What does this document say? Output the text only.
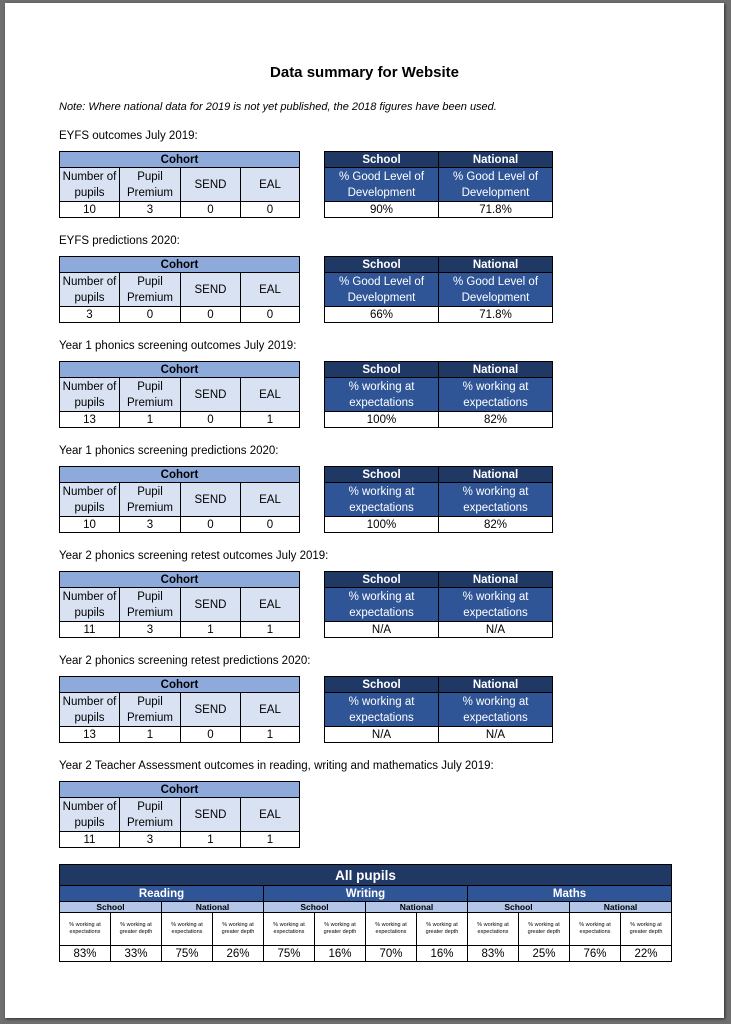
Data summary for Website
Note: Where national data for 2019 is not yet published, the 2018 figures have been used.
EYFS outcomes July 2019:
Cohort			
Number of pupils	Pupil Premium	SEND	EAL
10	3	0	0
School	National
% Good Level of Development	% Good Level of Development
90%	71.8%
EYFS predictions 2020:
Cohort			
Number of pupils	Pupil Premium	SEND	EAL
3	0	0	0
School	National
% Good Level of Development	% Good Level of Development
66%	71.8%
Year 1 phonics screening outcomes July 2019:
Cohort			
Number of pupils	Pupil Premium	SEND	EAL
13	1	0	1
School	National
% working at expectations	% working at expectations
100%	82%
Year 1 phonics screening predictions 2020:
Cohort			
Number of pupils	Pupil Premium	SEND	EAL
10	3	0	0
School	National
% working at expectations	% working at expectations
100%	82%
Year 2 phonics screening retest outcomes July 2019:
Cohort			
Number of pupils	Pupil Premium	SEND	EAL
11	3	1	1
School	National
% working at expectations	% working at expectations
N/A	N/A
Year 2 phonics screening retest predictions 2020:
Cohort			
Number of pupils	Pupil Premium	SEND	EAL
13	1	0	1
School	National
% working at expectations	% working at expectations
N/A	N/A
Year 2 Teacher Assessment outcomes in reading, writing and mathematics July 2019:
Cohort			
Number of pupils	Pupil Premium	SEND	EAL
11	3	1	1
All pupils											
Reading				Writing				Maths			
School		National		School		National		School		National	
% working at expectations	% working at greater depth	% working at expectations	% working at greater depth	% working at expectations	% working at greater depth	% working at expectations	% working at greater depth	% working at expectations	% working at greater depth	% working at expectations	% working at greater depth
83%	33%	75%	26%	75%	16%	70%	16%	83%	25%	76%	22%
